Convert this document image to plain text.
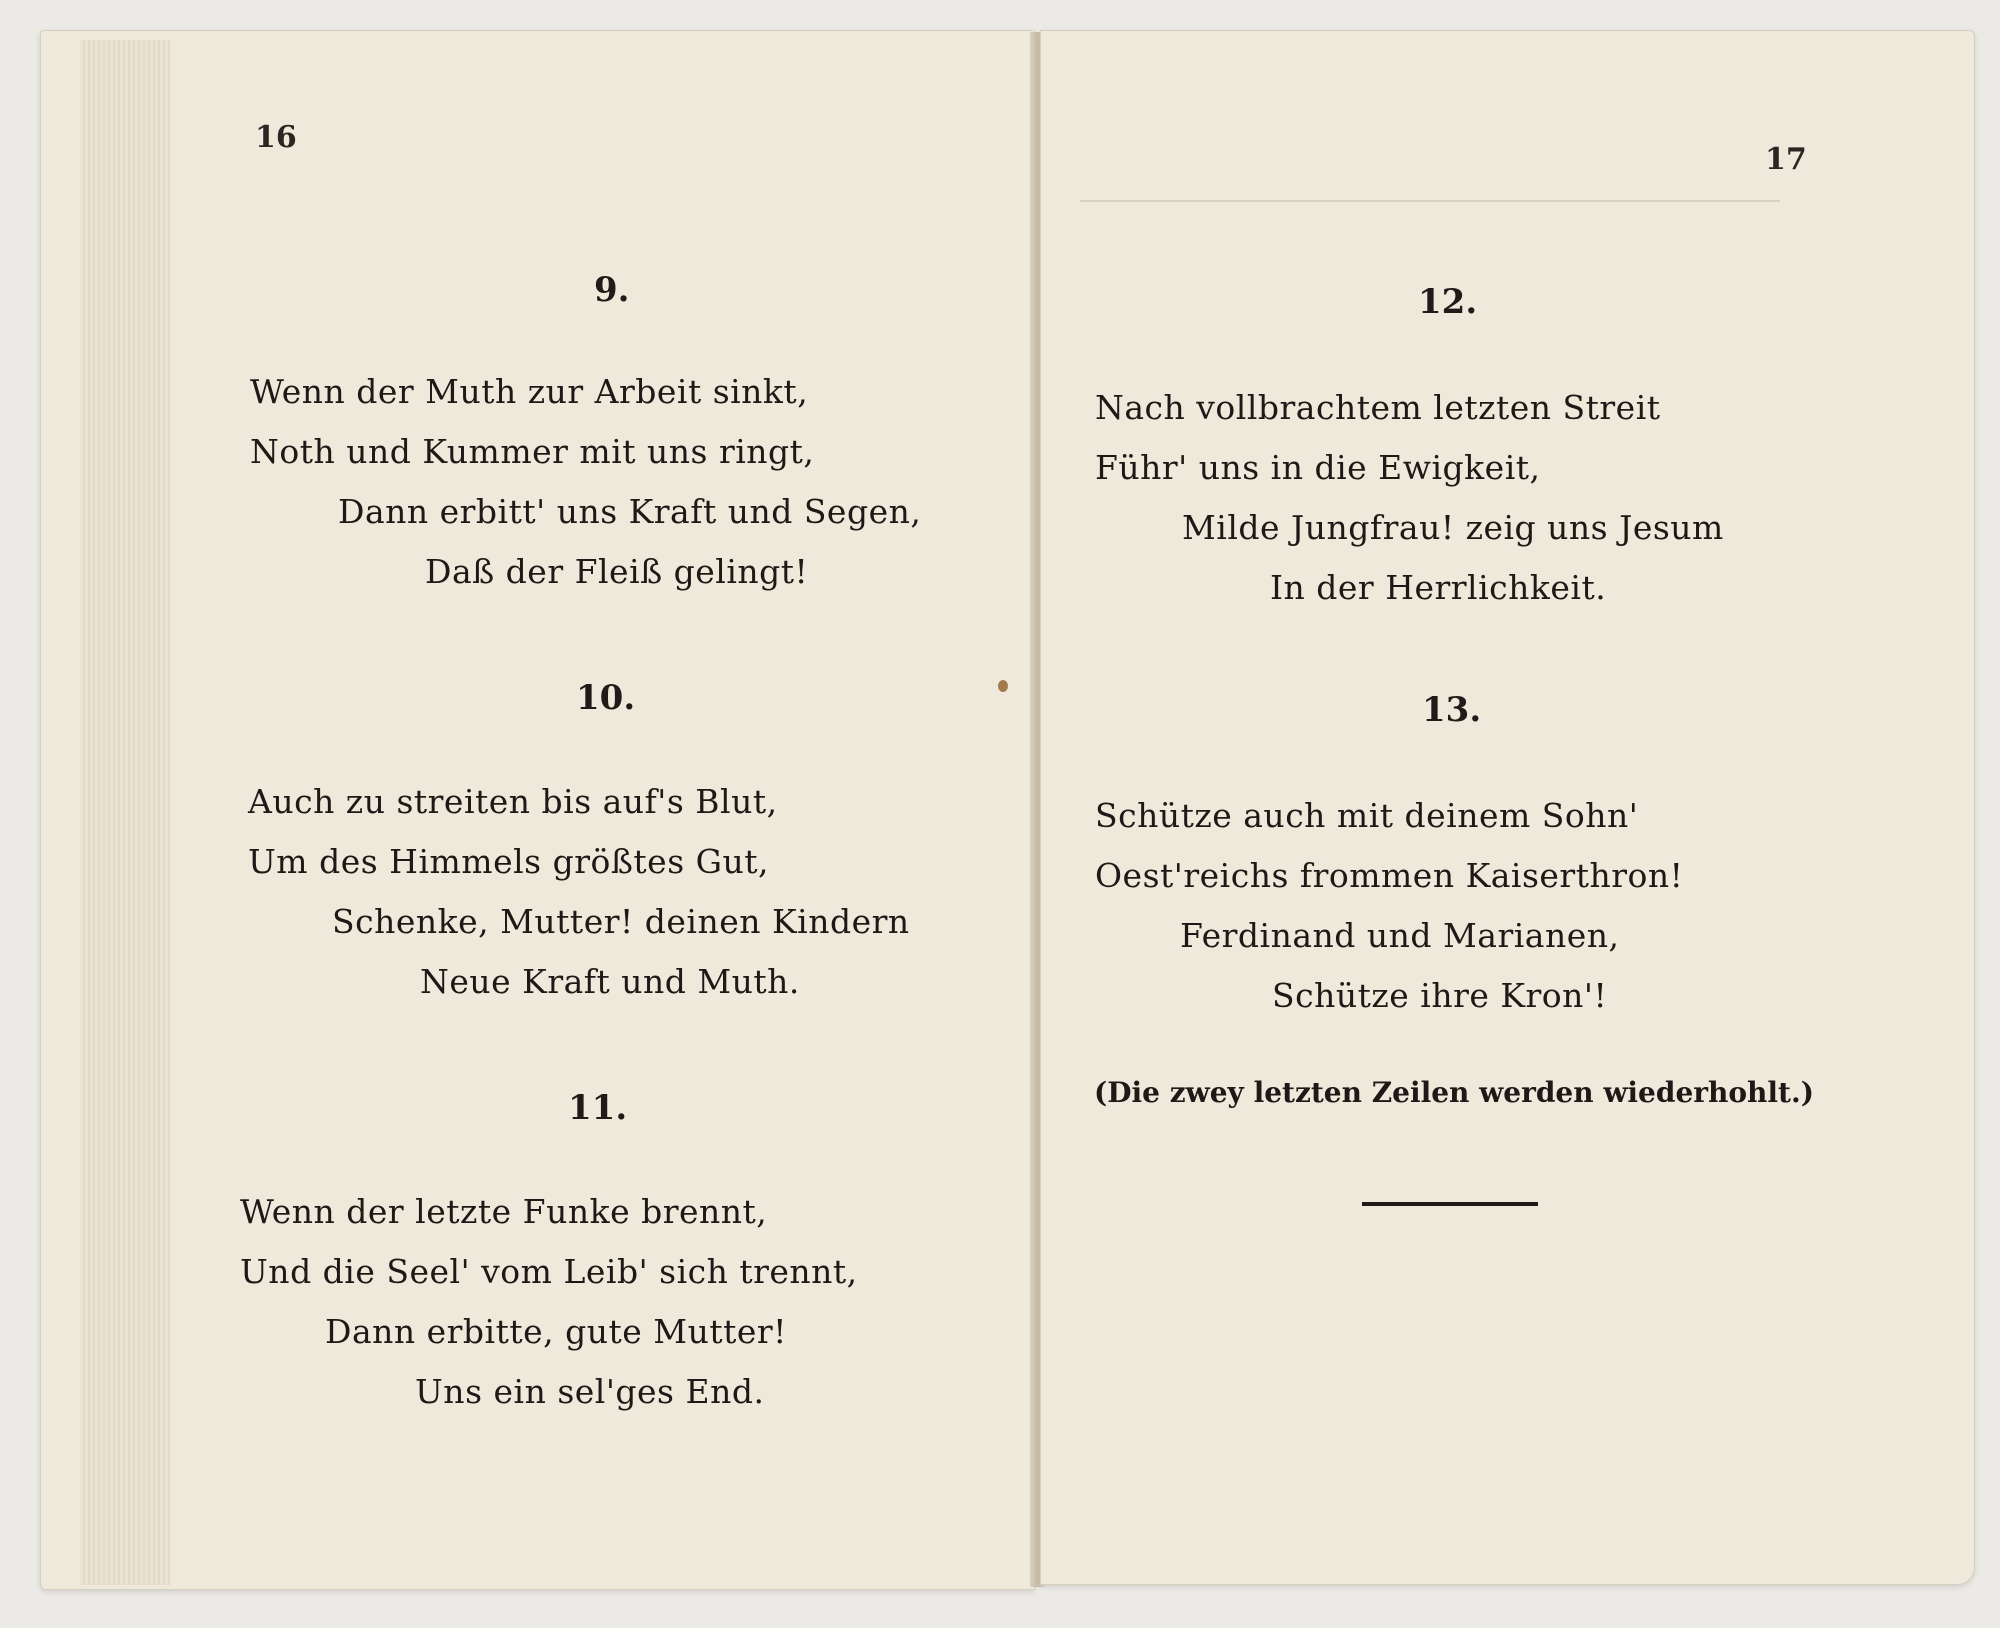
16
9.
Wenn der Muth zur Arbeit sinkt,
Noth und Kummer mit uns ringt,
Dann erbitt' uns Kraft und Segen,
Daß der Fleiß gelingt!
10.
Auch zu streiten bis auf's Blut,
Um des Himmels größtes Gut,
Schenke, Mutter! deinen Kindern
Neue Kraft und Muth.
11.
Wenn der letzte Funke brennt,
Und die Seel' vom Leib' sich trennt,
Dann erbitte, gute Mutter!
Uns ein sel'ges End.
17
12.
Nach vollbrachtem letzten Streit
Führ' uns in die Ewigkeit,
Milde Jungfrau! zeig uns Jesum
In der Herrlichkeit.
13.
Schütze auch mit deinem Sohn'
Oest'reichs frommen Kaiserthron!
Ferdinand und Marianen,
Schütze ihre Kron'!
(Die zwey letzten Zeilen werden wiederhohlt.)
